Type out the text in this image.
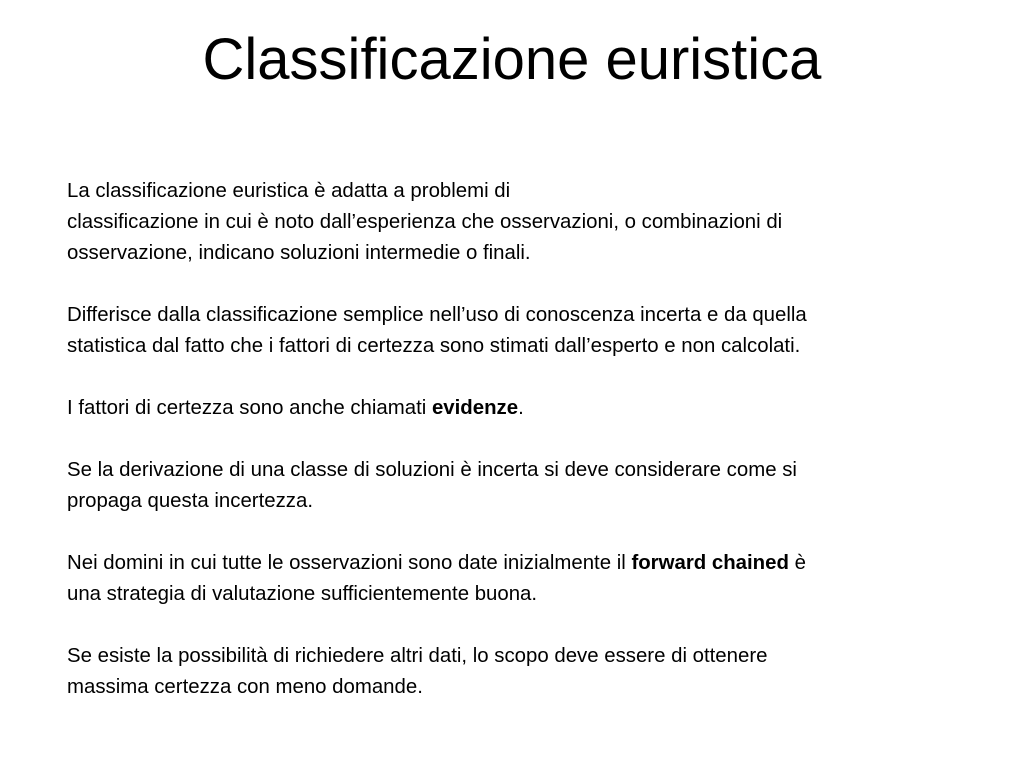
Classificazione euristica

La classificazione euristica è adatta a problemi di
classificazione in cui è noto dall’esperienza che osservazioni, o combinazioni di
osservazione, indicano soluzioni intermedie o finali.

Differisce dalla classificazione semplice nell’uso di conoscenza incerta e da quella
statistica dal fatto che i fattori di certezza sono stimati dall’esperto e non calcolati.

I fattori di certezza sono anche chiamati evidenze.

Se la derivazione di una classe di soluzioni è incerta si deve considerare come si
propaga questa incertezza.

Nei domini in cui tutte le osservazioni sono date inizialmente il forward chained è
una strategia di valutazione sufficientemente buona.

Se esiste la possibilità di richiedere altri dati, lo scopo deve essere di ottenere
massima certezza con meno domande.
